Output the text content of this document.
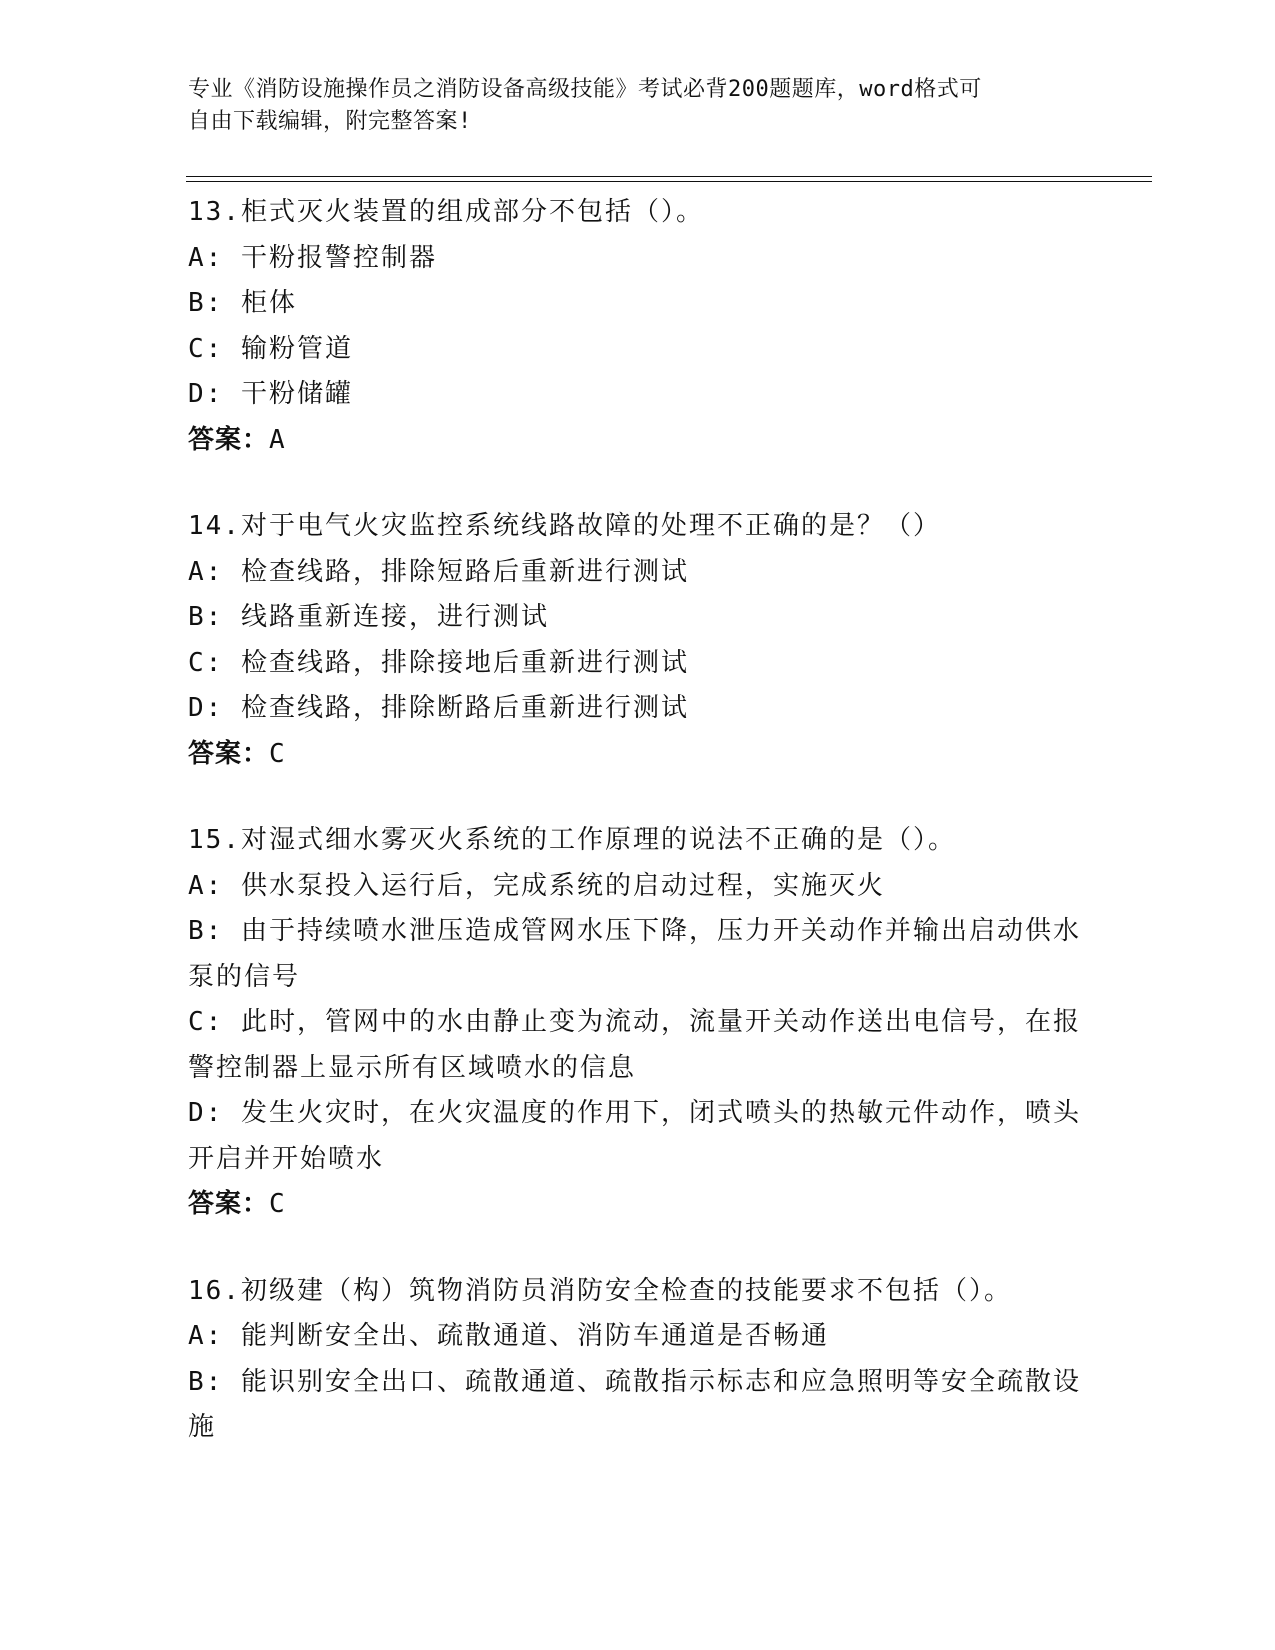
专业《消防设施操作员之消防设备高级技能》考试必背200题题库，word格式可
自由下载编辑，附完整答案!
13.柜式灭火装置的组成部分不包括（）。
A: 干粉报警控制器
B: 柜体
C: 输粉管道
D: 干粉储罐
答案：A
14.对于电气火灾监控系统线路故障的处理不正确的是？（）
A: 检查线路，排除短路后重新进行测试
B: 线路重新连接，进行测试
C: 检查线路，排除接地后重新进行测试
D: 检查线路，排除断路后重新进行测试
答案：C
15.对湿式细水雾灭火系统的工作原理的说法不正确的是（）。
A: 供水泵投入运行后，完成系统的启动过程，实施灭火
B: 由于持续喷水泄压造成管网水压下降，压力开关动作并输出启动供水泵的信号
C: 此时，管网中的水由静止变为流动，流量开关动作送出电信号，在报警控制器上显示所有区域喷水的信息
D: 发生火灾时，在火灾温度的作用下，闭式喷头的热敏元件动作，喷头开启并开始喷水
答案：C
16.初级建（构）筑物消防员消防安全检查的技能要求不包括（）。
A: 能判断安全出、疏散通道、消防车通道是否畅通
B: 能识别安全出口、疏散通道、疏散指示标志和应急照明等安全疏散设施
